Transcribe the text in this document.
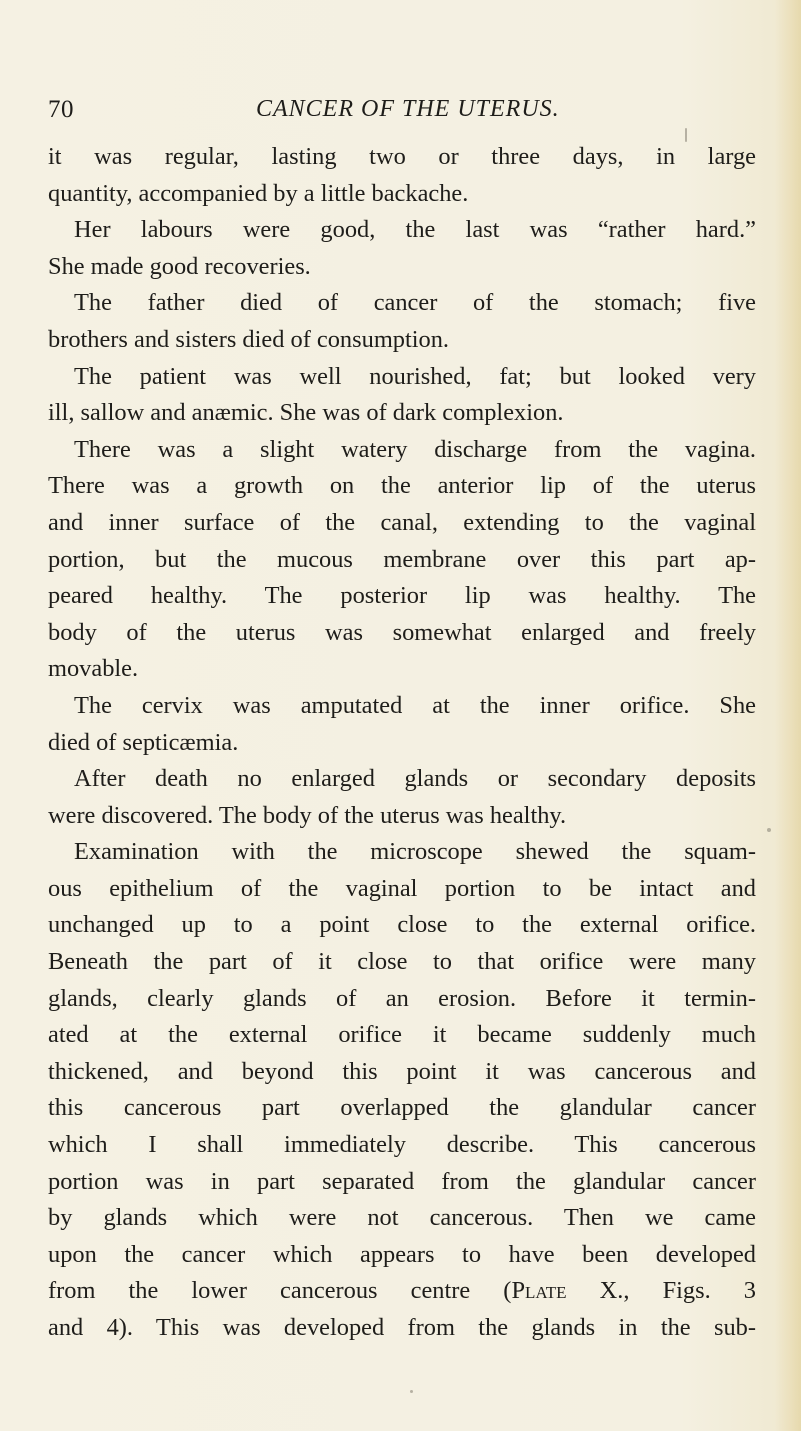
70	CANCER OF THE UTERUS.
it was regular, lasting two or three days, in large
quantity, accompanied by a little backache.
Her labours were good, the last was “rather hard.”
She made good recoveries.
The father died of cancer of the stomach; five
brothers and sisters died of consumption.
The patient was well nourished, fat; but looked very
ill, sallow and anæmic. She was of dark complexion.
There was a slight watery discharge from the vagina.
There was a growth on the anterior lip of the uterus
and inner surface of the canal, extending to the vaginal
portion, but the mucous membrane over this part ap-
peared healthy. The posterior lip was healthy. The
body of the uterus was somewhat enlarged and freely
movable.
The cervix was amputated at the inner orifice. She
died of septicæmia.
After death no enlarged glands or secondary deposits
were discovered. The body of the uterus was healthy.
Examination with the microscope shewed the squam-
ous epithelium of the vaginal portion to be intact and
unchanged up to a point close to the external orifice.
Beneath the part of it close to that orifice were many
glands, clearly glands of an erosion. Before it termin-
ated at the external orifice it became suddenly much
thickened, and beyond this point it was cancerous and
this cancerous part overlapped the glandular cancer
which I shall immediately describe. This cancerous
portion was in part separated from the glandular cancer
by glands which were not cancerous. Then we came
upon the cancer which appears to have been developed
from the lower cancerous centre (Plate X., Figs. 3
and 4). This was developed from the glands in the sub-
